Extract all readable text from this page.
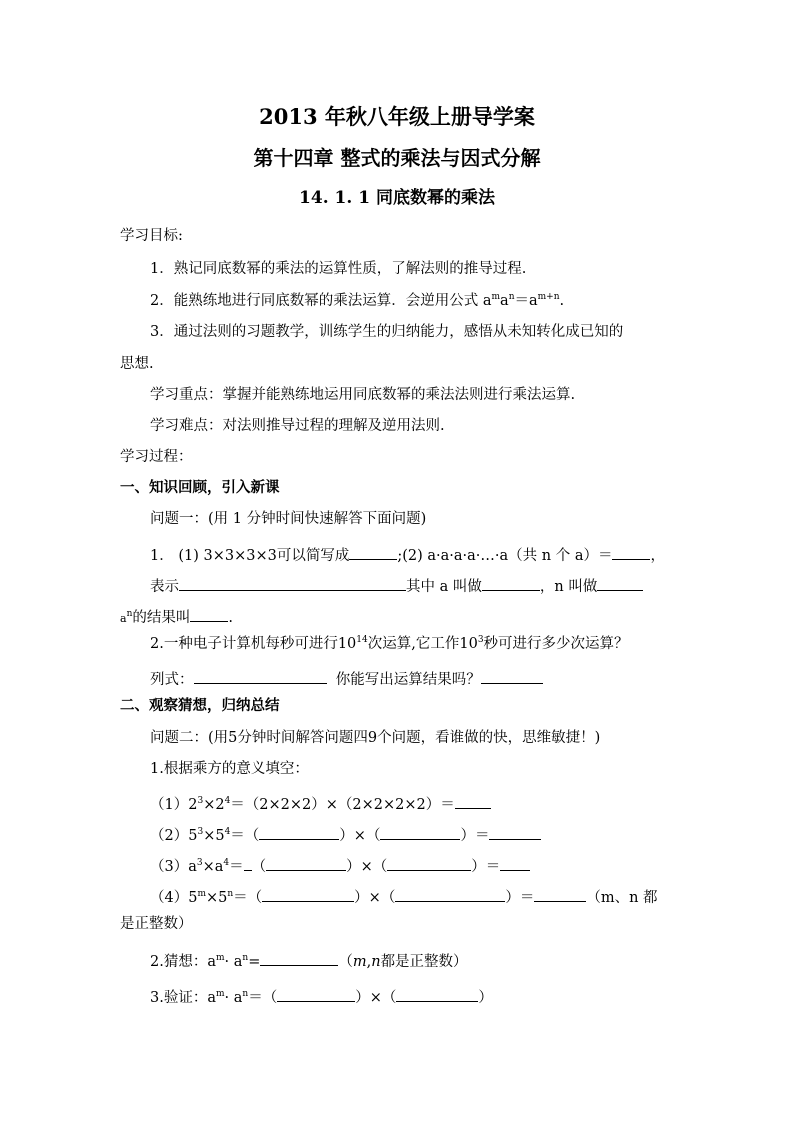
2013 年秋八年级上册导学案
第十四章 整式的乘法与因式分解
14. 1. 1 同底数幂的乘法
学习目标:
1．熟记同底数幂的乘法的运算性质，了解法则的推导过程.
2．能熟练地进行同底数幂的乘法运算．会逆用公式 $a^ma^n=a^{m+n}$.
3．通过法则的习题教学，训练学生的归纳能力，感悟从未知转化成已知的
思想.
学习重点：掌握并能熟练地运用同底数幂的乘法法则进行乘法运算.
学习难点：对法则推导过程的理解及逆用法则.
学习过程：
一、知识回顾，引入新课
问题一：(用 1 分钟时间快速解答下面问题)
1． (1) 3×3×3×3可以简写成	;(2) a·a·a·a·…·a（共 n 个 a）＝	，
表示	其中 a 叫做	，n 叫做
$a^n$的结果叫	.
2.一种电子计算机每秒可进行$10^{14}$次运算,它工作$10^3$秒可进行多少次运算？
列式：	你能写出运算结果吗？
二、观察猜想，归纳总结
问题二：(用5分钟时间解答问题四9个问题，看谁做的快，思维敏捷！)
1.根据乘方的意义填空：
$(1)2^3\times 2^4=(2\times 2\times 2)\times(2\times 2\times 2\times 2)=$
$(2)5^3\times 5^4=$（	）×（	）＝
$(3)a^3\times a^4=$ （	）×（	）＝
$(4)5^m\times 5^n=$（	）×（	）＝	（m、n 都
是正整数）
2.猜想：$a^m\cdot a^n=$	（m,n都是正整数）
3.验证：$a^m\cdot a^n=$（	）×（	）
